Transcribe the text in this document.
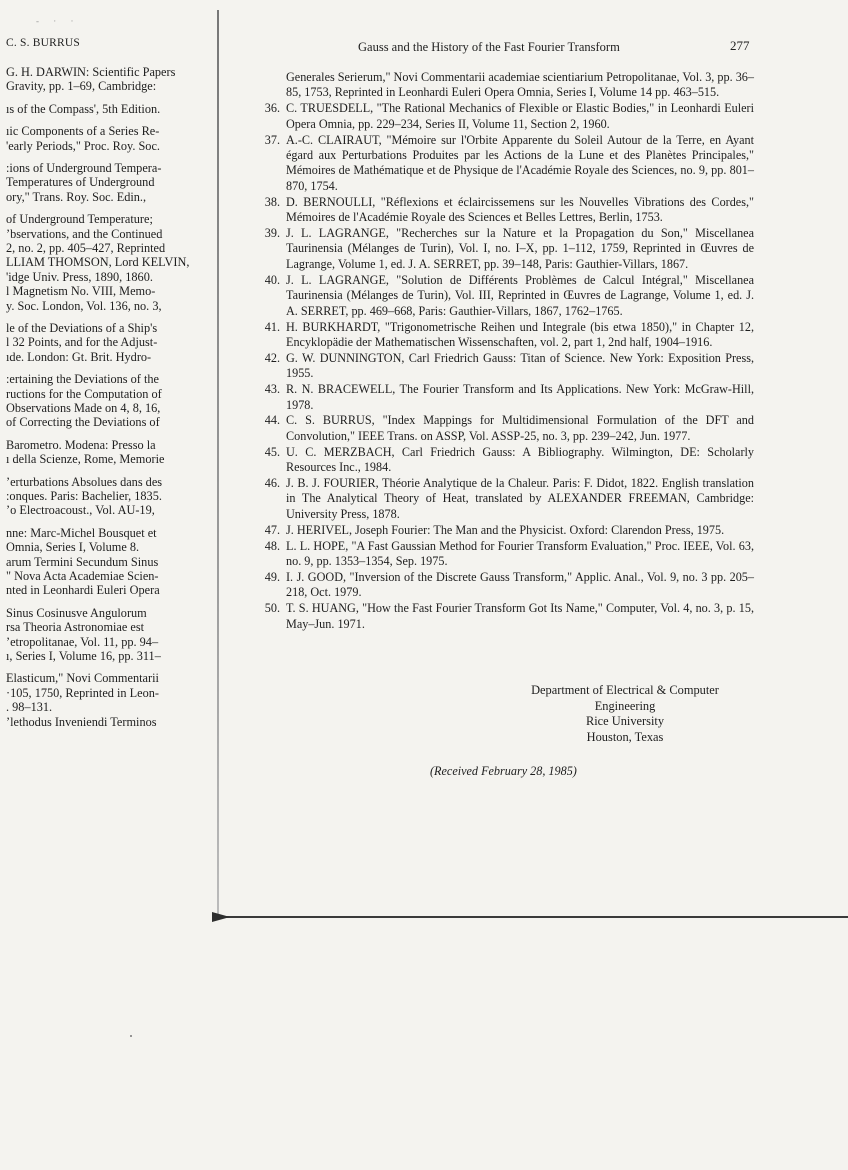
- · ·
C. S. BURRUS
G. H. DARWIN: Scientific Papers
Gravity, pp. 1–69, Cambridge:
ıs of the Compass', 5th Edition.
ıic Components of a Series Re-
'early Periods," Proc. Roy. Soc.
:ions of Underground Tempera-
Temperatures of Underground
ory," Trans. Roy. Soc. Edin.,
of Underground Temperature;
ʼbservations, and the Continued
2, no. 2, pp. 405–427, Reprinted
LLIAM THOMSON, Lord KELVIN,
'idge Univ. Press, 1890, 1860.
l Magnetism No. VIII, Memo-
y. Soc. London, Vol. 136, no. 3,
le of the Deviations of a Ship's
l 32 Points, and for the Adjust-
ıde. London: Gt. Brit. Hydro-
:ertaining the Deviations of the
ructions for the Computation of
Observations Made on 4, 8, 16,
of Correcting the Deviations of
Barometro. Modena: Presso la
ı della Scienze, Rome, Memorie
ʼerturbations Absolues dans des
:onques. Paris: Bachelier, 1835.
ʼo Electroacoust., Vol. AU-19,
nne: Marc-Michel Bousquet et
Omnia, Series I, Volume 8.
arum Termini Secundum Sinus
" Nova Acta Academiae Scien-
nted in Leonhardi Euleri Opera
Sinus Cosinusve Angulorum
rsa Theoria Astronomiae est
ʼetropolitanae, Vol. 11, pp. 94–
ı, Series I, Volume 16, pp. 311–
Elasticum," Novi Commentarii
·105, 1750, Reprinted in Leon-
. 98–131.
ʼlethodus Inveniendi Terminos
Gauss and the History of the Fast Fourier Transform	277
Generales Serierum," Novi Commentarii academiae scientiarium Petropolitanae, Vol. 3, pp. 36–85, 1753, Reprinted in Leonhardi Euleri Opera Omnia, Series I, Volume 14 pp. 463–515.
36. C. TRUESDELL, "The Rational Mechanics of Flexible or Elastic Bodies," in Leonhardi Euleri Opera Omnia, pp. 229–234, Series II, Volume 11, Section 2, 1960.
37. A.-C. CLAIRAUT, "Mémoire sur l'Orbite Apparente du Soleil Autour de la Terre, en Ayant égard aux Perturbations Produites par les Actions de la Lune et des Planètes Principales," Mémoires de Mathématique et de Physique de l'Académie Royale des Sciences, no. 9, pp. 801–870, 1754.
38. D. BERNOULLI, "Réflexions et éclaircissemens sur les Nouvelles Vibrations des Cordes," Mémoires de l'Académie Royale des Sciences et Belles Lettres, Berlin, 1753.
39. J. L. LAGRANGE, "Recherches sur la Nature et la Propagation du Son," Miscellanea Taurinensia (Mélanges de Turin), Vol. I, no. I–X, pp. 1–112, 1759, Reprinted in Œuvres de Lagrange, Volume 1, ed. J. A. SERRET, pp. 39–148, Paris: Gauthier-Villars, 1867.
40. J. L. LAGRANGE, "Solution de Différents Problèmes de Calcul Intégral," Miscellanea Taurinensia (Mélanges de Turin), Vol. III, Reprinted in Œuvres de Lagrange, Volume 1, ed. J. A. SERRET, pp. 469–668, Paris: Gauthier-Villars, 1867, 1762–1765.
41. H. BURKHARDT, "Trigonometrische Reihen und Integrale (bis etwa 1850)," in Chapter 12, Encyklopädie der Mathematischen Wissenschaften, vol. 2, part 1, 2nd half, 1904–1916.
42. G. W. DUNNINGTON, Carl Friedrich Gauss: Titan of Science. New York: Exposition Press, 1955.
43. R. N. BRACEWELL, The Fourier Transform and Its Applications. New York: McGraw-Hill, 1978.
44. C. S. BURRUS, "Index Mappings for Multidimensional Formulation of the DFT and Convolution," IEEE Trans. on ASSP, Vol. ASSP-25, no. 3, pp. 239–242, Jun. 1977.
45. U. C. MERZBACH, Carl Friedrich Gauss: A Bibliography. Wilmington, DE: Scholarly Resources Inc., 1984.
46. J. B. J. FOURIER, Théorie Analytique de la Chaleur. Paris: F. Didot, 1822. English translation in The Analytical Theory of Heat, translated by ALEXANDER FREEMAN, Cambridge: University Press, 1878.
47. J. HERIVEL, Joseph Fourier: The Man and the Physicist. Oxford: Clarendon Press, 1975.
48. L. L. HOPE, "A Fast Gaussian Method for Fourier Transform Evaluation," Proc. IEEE, Vol. 63, no. 9, pp. 1353–1354, Sep. 1975.
49. I. J. GOOD, "Inversion of the Discrete Gauss Transform," Applic. Anal., Vol. 9, no. 3 pp. 205–218, Oct. 1979.
50. T. S. HUANG, "How the Fast Fourier Transform Got Its Name," Computer, Vol. 4, no. 3, p. 15, May–Jun. 1971.
Department of Electrical & Computer
Engineering
Rice University
Houston, Texas
(Received February 28, 1985)
